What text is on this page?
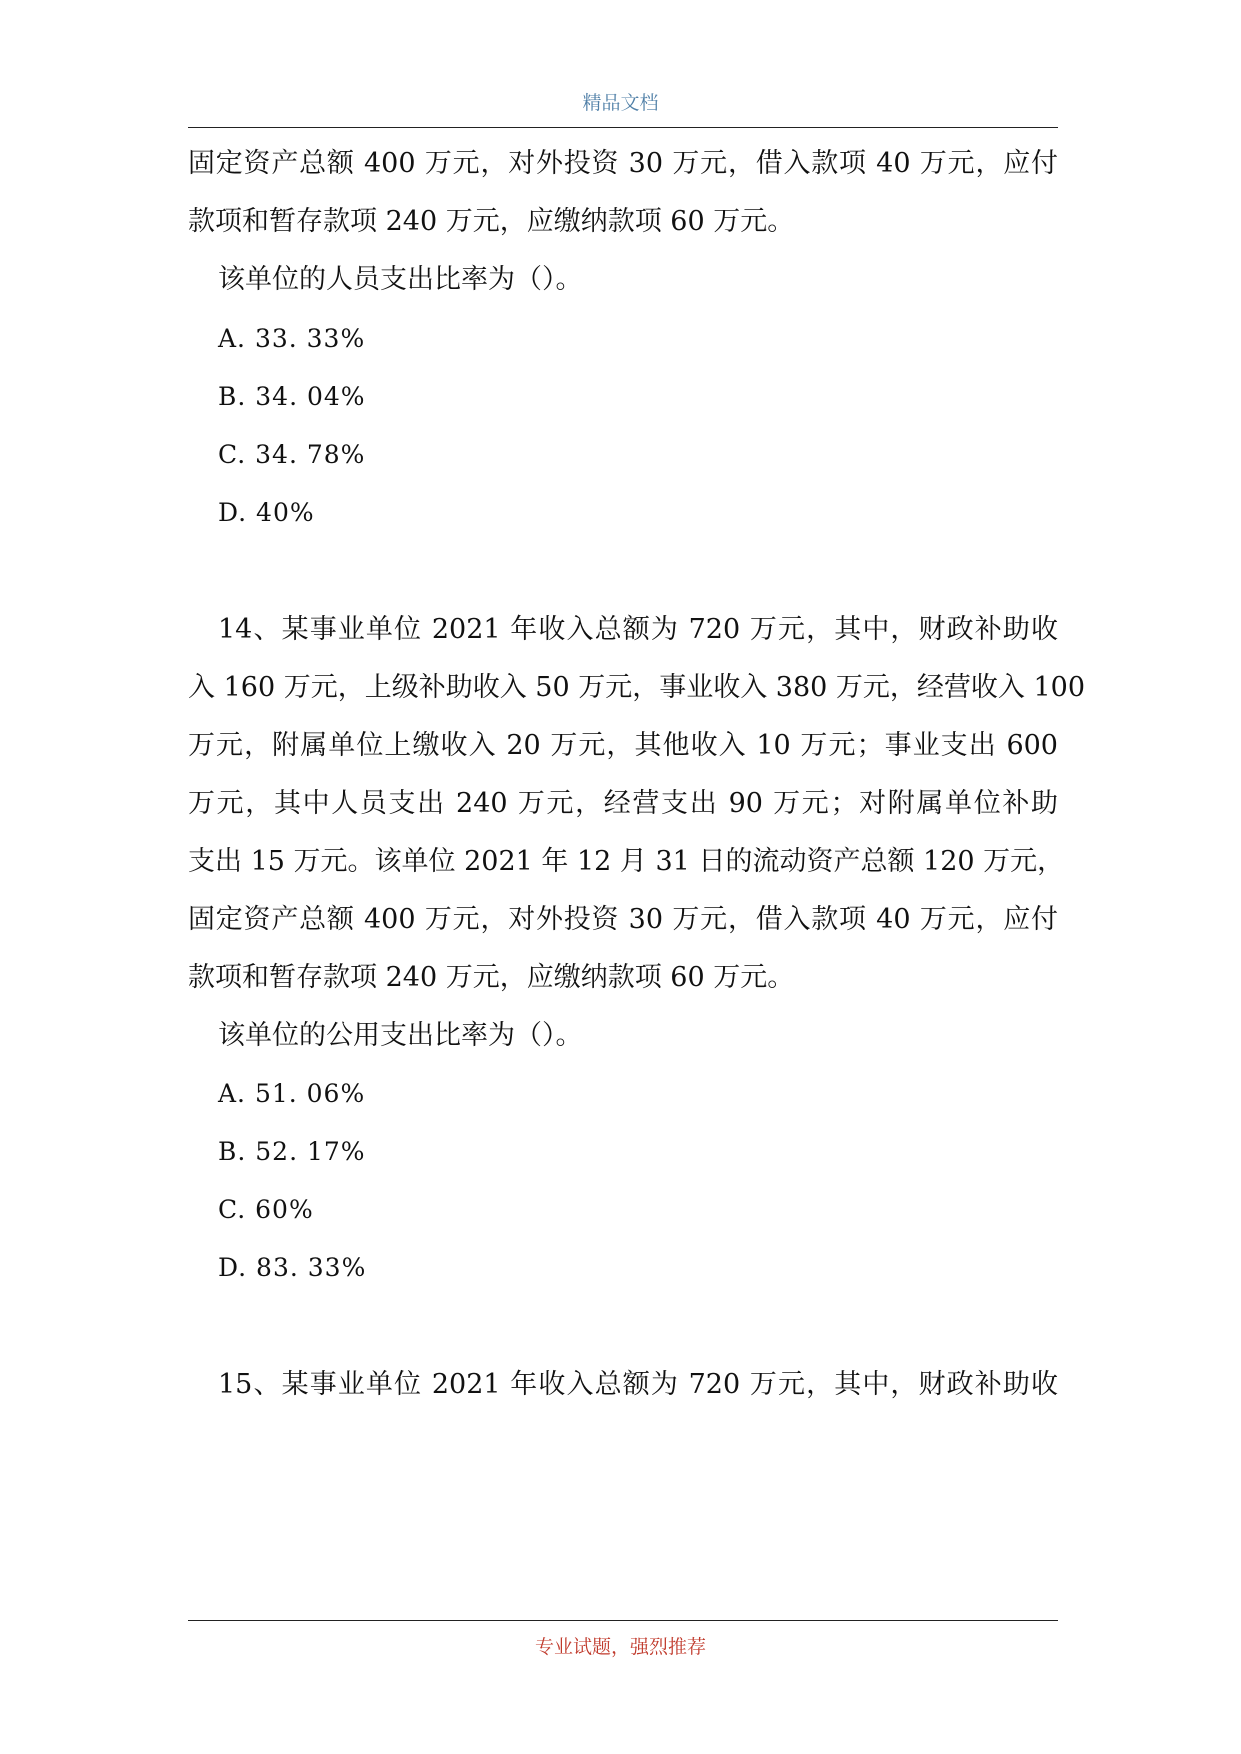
精品文档
固定资产总额 400 万元，对外投资 30 万元，借入款项 40 万元，应付
款项和暂存款项 240 万元，应缴纳款项 60 万元。
该单位的人员支出比率为（）。
A. 33. 33%
B. 34. 04%
C. 34. 78%
D. 40%
14、某事业单位 2021 年收入总额为 720 万元，其中，财政补助收
入 160 万元，上级补助收入 50 万元，事业收入 380 万元，经营收入 100
万元，附属单位上缴收入 20 万元，其他收入 10 万元；事业支出 600
万元，其中人员支出 240 万元，经营支出 90 万元；对附属单位补助
支出 15 万元。该单位 2021 年 12 月 31 日的流动资产总额 120 万元，
固定资产总额 400 万元，对外投资 30 万元，借入款项 40 万元，应付
款项和暂存款项 240 万元，应缴纳款项 60 万元。
该单位的公用支出比率为（）。
A. 51. 06%
B. 52. 17%
C. 60%
D. 83. 33%
15、某事业单位 2021 年收入总额为 720 万元，其中，财政补助收
专业试题，强烈推荐
